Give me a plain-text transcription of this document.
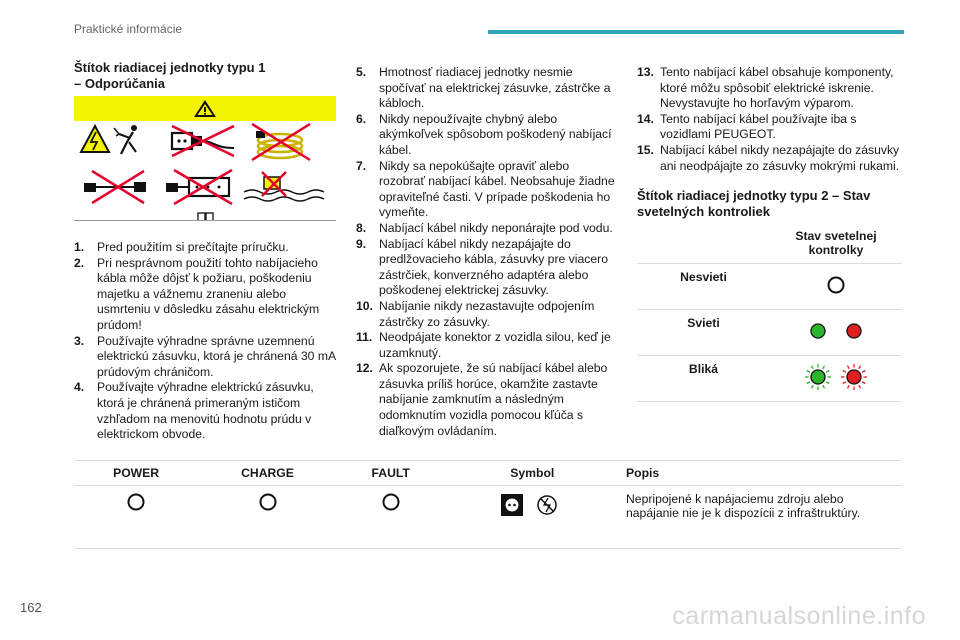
Praktické informácie

Štítok riadiacej jednotky typu 1
– Odporúčania

1. Pred použitím si prečítajte príručku.
2. Pri nesprávnom použití tohto nabíjacieho kábla môže dôjsť k požiaru, poškodeniu majetku a vážnemu zraneniu alebo usmrteniu v dôsledku zásahu elektrickým prúdom!
3. Používajte výhradne správne uzemnenú elektrickú zásuvku, ktorá je chránená 30 mA prúdovým chráničom.
4. Používajte výhradne elektrickú zásuvku, ktorá je chránená primeraným ističom vzhľadom na menovitú hodnotu prúdu v elektrickom obvode.
5. Hmotnosť riadiacej jednotky nesmie spočívať na elektrickej zásuvke, zástrčke a kábloch.
6. Nikdy nepoužívajte chybný alebo akýmkoľvek spôsobom poškodený nabíjací kábel.
7. Nikdy sa nepokúšajte opraviť alebo rozobrať nabíjací kábel. Neobsahuje žiadne opraviteľné časti. V prípade poškodenia ho vymeňte.
8. Nabíjací kábel nikdy neponárajte pod vodu.
9. Nabíjací kábel nikdy nezapájajte do predlžovacieho kábla, zásuvky pre viacero zástrčiek, konverzného adaptéra alebo poškodenej elektrickej zásuvky.
10. Nabíjanie nikdy nezastavujte odpojením zástrčky zo zásuvky.
11. Neodpájate konektor z vozidla silou, keď je uzamknutý.
12. Ak spozorujete, že sú nabíjací kábel alebo zásuvka príliš horúce, okamžite zastavte nabíjanie zamknutím a následným odomknutím vozidla pomocou kľúča s diaľkovým ovládaním.
13. Tento nabíjací kábel obsahuje komponenty, ktoré môžu spôsobiť elektrické iskrenie. Nevystavujte ho horľavým výparom.
14. Tento nabíjací kábel používajte iba s vozidlami PEUGEOT.
15. Nabíjací kábel nikdy nezapájajte do zásuvky ani neodpájajte zo zásuvky mokrými rukami.

Štítok riadiacej jednotky typu 2 – Stav
svetelných kontroliek

	Stav svetelnej kontrolky
Nesvieti	
Svieti	
Bliká	
POWER	CHARGE	FAULT	Symbol	Popis
				Nepripojené k napájaciemu zdroju alebo napájanie nie je k dispozícii z infraštruktúry.
162	carmanualsonline.info
